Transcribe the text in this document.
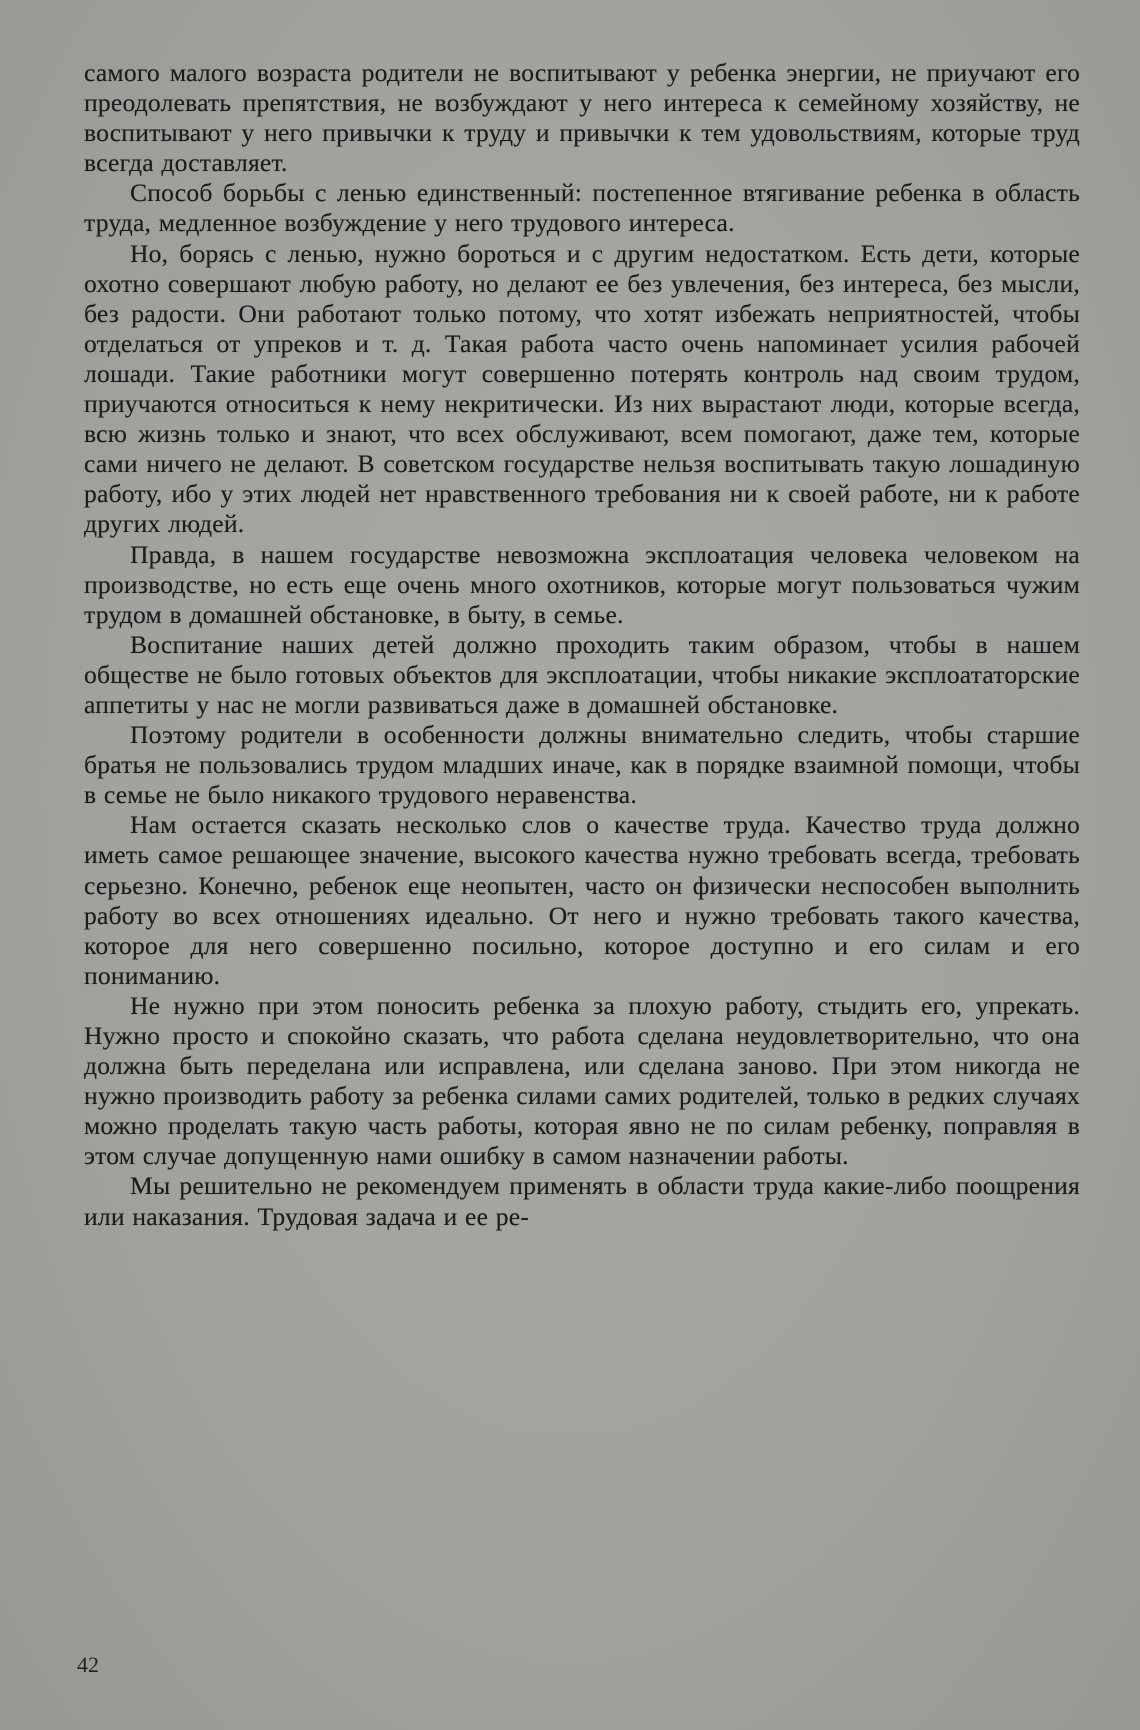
самого малого возраста родители не воспитывают у ребенка энергии, не приучают его преодолевать препятствия, не возбуждают у него интереса к семейному хозяйству, не воспитывают у него привычки к труду и привычки к тем удовольствиям, которые труд всегда доставляет.

Способ борьбы с ленью единственный: постепенное втягивание ребенка в область труда, медленное возбуждение у него трудового интереса.

Но, борясь с ленью, нужно бороться и с другим недостатком. Есть дети, которые охотно совершают любую работу, но делают ее без увлечения, без интереса, без мысли, без радости. Они работают только потому, что хотят избежать неприятностей, чтобы отделаться от упреков и т. д. Такая работа часто очень напоминает усилия рабочей лошади. Такие работники могут совершенно потерять контроль над своим трудом, приучаются относиться к нему некритически. Из них вырастают люди, которые всегда, всю жизнь только и знают, что всех обслуживают, всем помогают, даже тем, которые сами ничего не делают. В советском государстве нельзя воспитывать такую лошадиную работу, ибо у этих людей нет нравственного требования ни к своей работе, ни к работе других людей.

Правда, в нашем государстве невозможна эксплоатация человека человеком на производстве, но есть еще очень много охотников, которые могут пользоваться чужим трудом в домашней обстановке, в быту, в семье.

Воспитание наших детей должно проходить таким образом, чтобы в нашем обществе не было готовых объектов для эксплоатации, чтобы никакие эксплоататорские аппетиты у нас не могли развиваться даже в домашней обстановке.

Поэтому родители в особенности должны внимательно следить, чтобы старшие братья не пользовались трудом младших иначе, как в порядке взаимной помощи, чтобы в семье не было никакого трудового неравенства.

Нам остается сказать несколько слов о качестве труда. Качество труда должно иметь самое решающее значение, высокого качества нужно требовать всегда, требовать серьезно. Конечно, ребенок еще неопытен, часто он физически неспособен выполнить работу во всех отношениях идеально. От него и нужно требовать такого качества, которое для него совершенно посильно, которое доступно и его силам и его пониманию.

Не нужно при этом поносить ребенка за плохую работу, стыдить его, упрекать. Нужно просто и спокойно сказать, что работа сделана неудовлетворительно, что она должна быть переделана или исправлена, или сделана заново. При этом никогда не нужно производить работу за ребенка силами самих родителей, только в редких случаях можно проделать такую часть работы, которая явно не по силам ребенку, поправляя в этом случае допущенную нами ошибку в самом назначении работы.

Мы решительно не рекомендуем применять в области труда какие-либо поощрения или наказания. Трудовая задача и ее ре-

42
